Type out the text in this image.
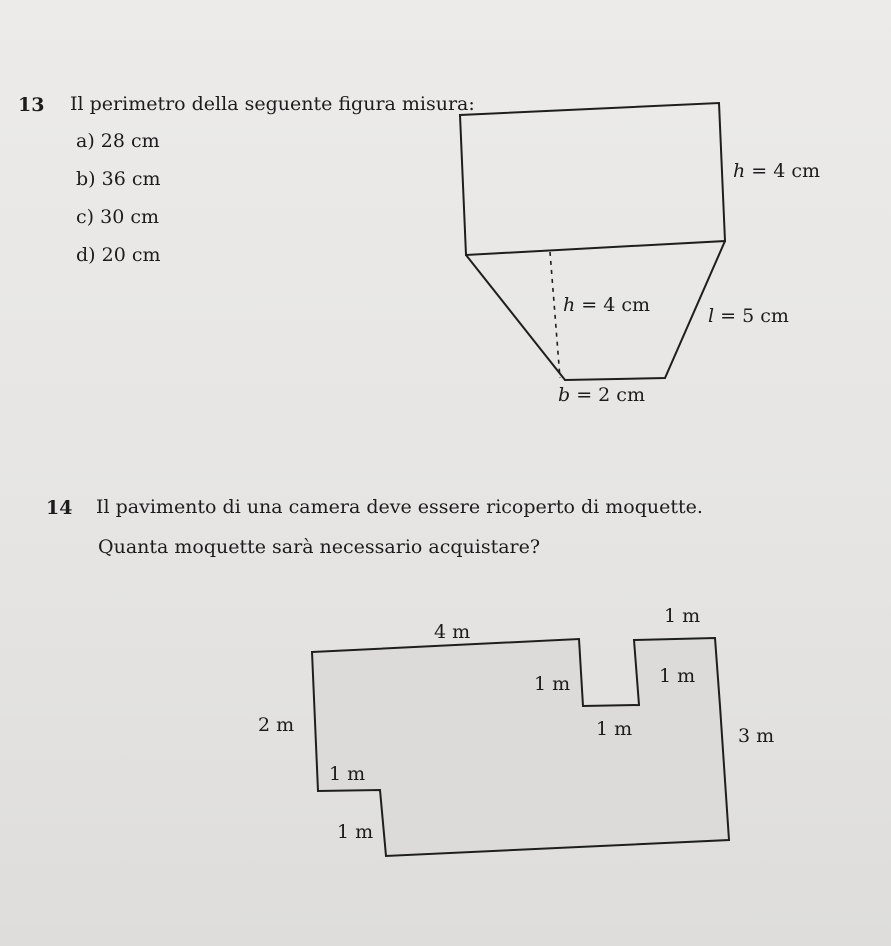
13 Il perimetro della seguente figura misura:
a) 28 cm
b) 36 cm
c) 30 cm
d) 20 cm
14 Il pavimento di una camera deve essere ricoperto di moquette.
Quanta moquette sarà necessario acquistare?
h = 4 cm
h = 4 cm	l = 5 cm
b = 2 cm
4 m
1 m
1 m	1 m
1 m
2 m	3 m
1 m
1 m
